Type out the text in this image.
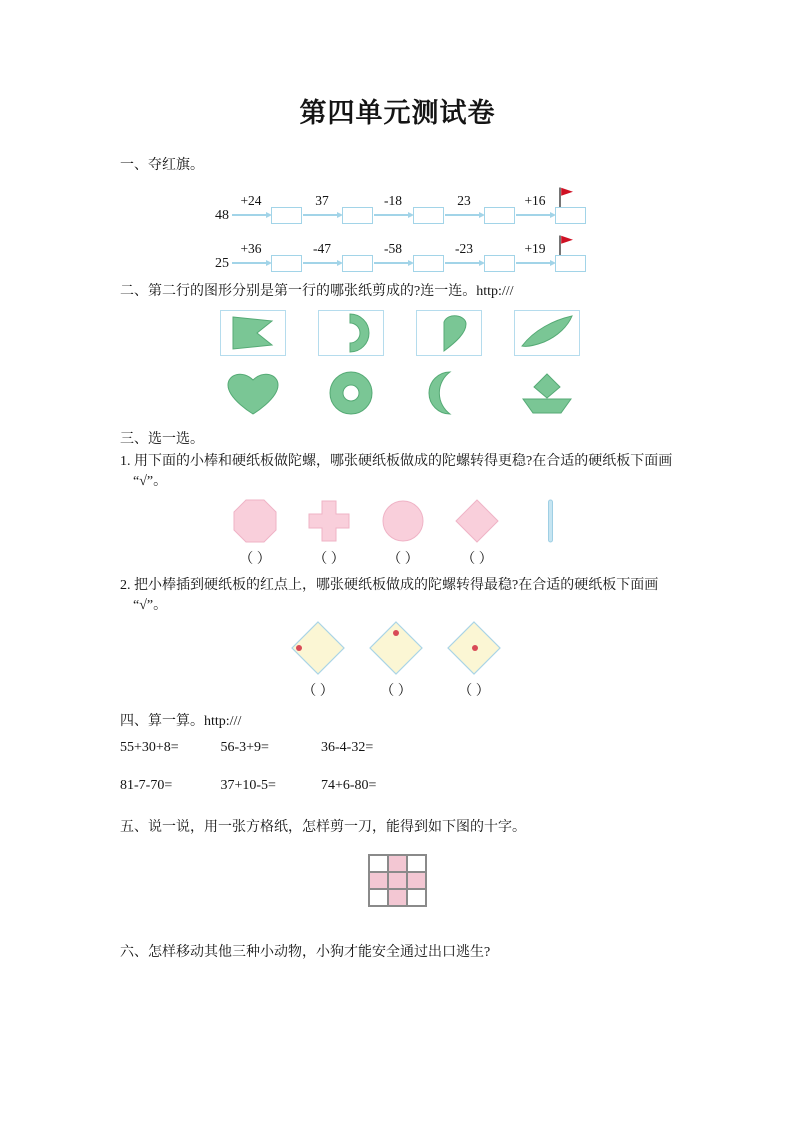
第四单元测试卷

一、夺红旗。

48
+24	37	-18	23	+16
25
+36	-47	-58	-23	+19

二、第二行的图形分别是第一行的哪张纸剪成的?连一连。http:///

三、选一选。

1. 用下面的小棒和硬纸板做陀螺，哪张硬纸板做成的陀螺转得更稳?在合适的硬纸板下面画

“√”。

（ ）	（ ）	（ ）	（ ）

2. 把小棒插到硬纸板的红点上，哪张硬纸板做成的陀螺转得最稳?在合适的硬纸板下面画

“√”。

（ ）	（ ）	（ ）

四、算一算。http:///

55+30+8=	56-3+9=	36-4-32=

81-7-70=	37+10-5=	74+6-80=

五、说一说，用一张方格纸，怎样剪一刀，能得到如下图的十字。

六、怎样移动其他三种小动物，小狗才能安全通过出口逃生?
